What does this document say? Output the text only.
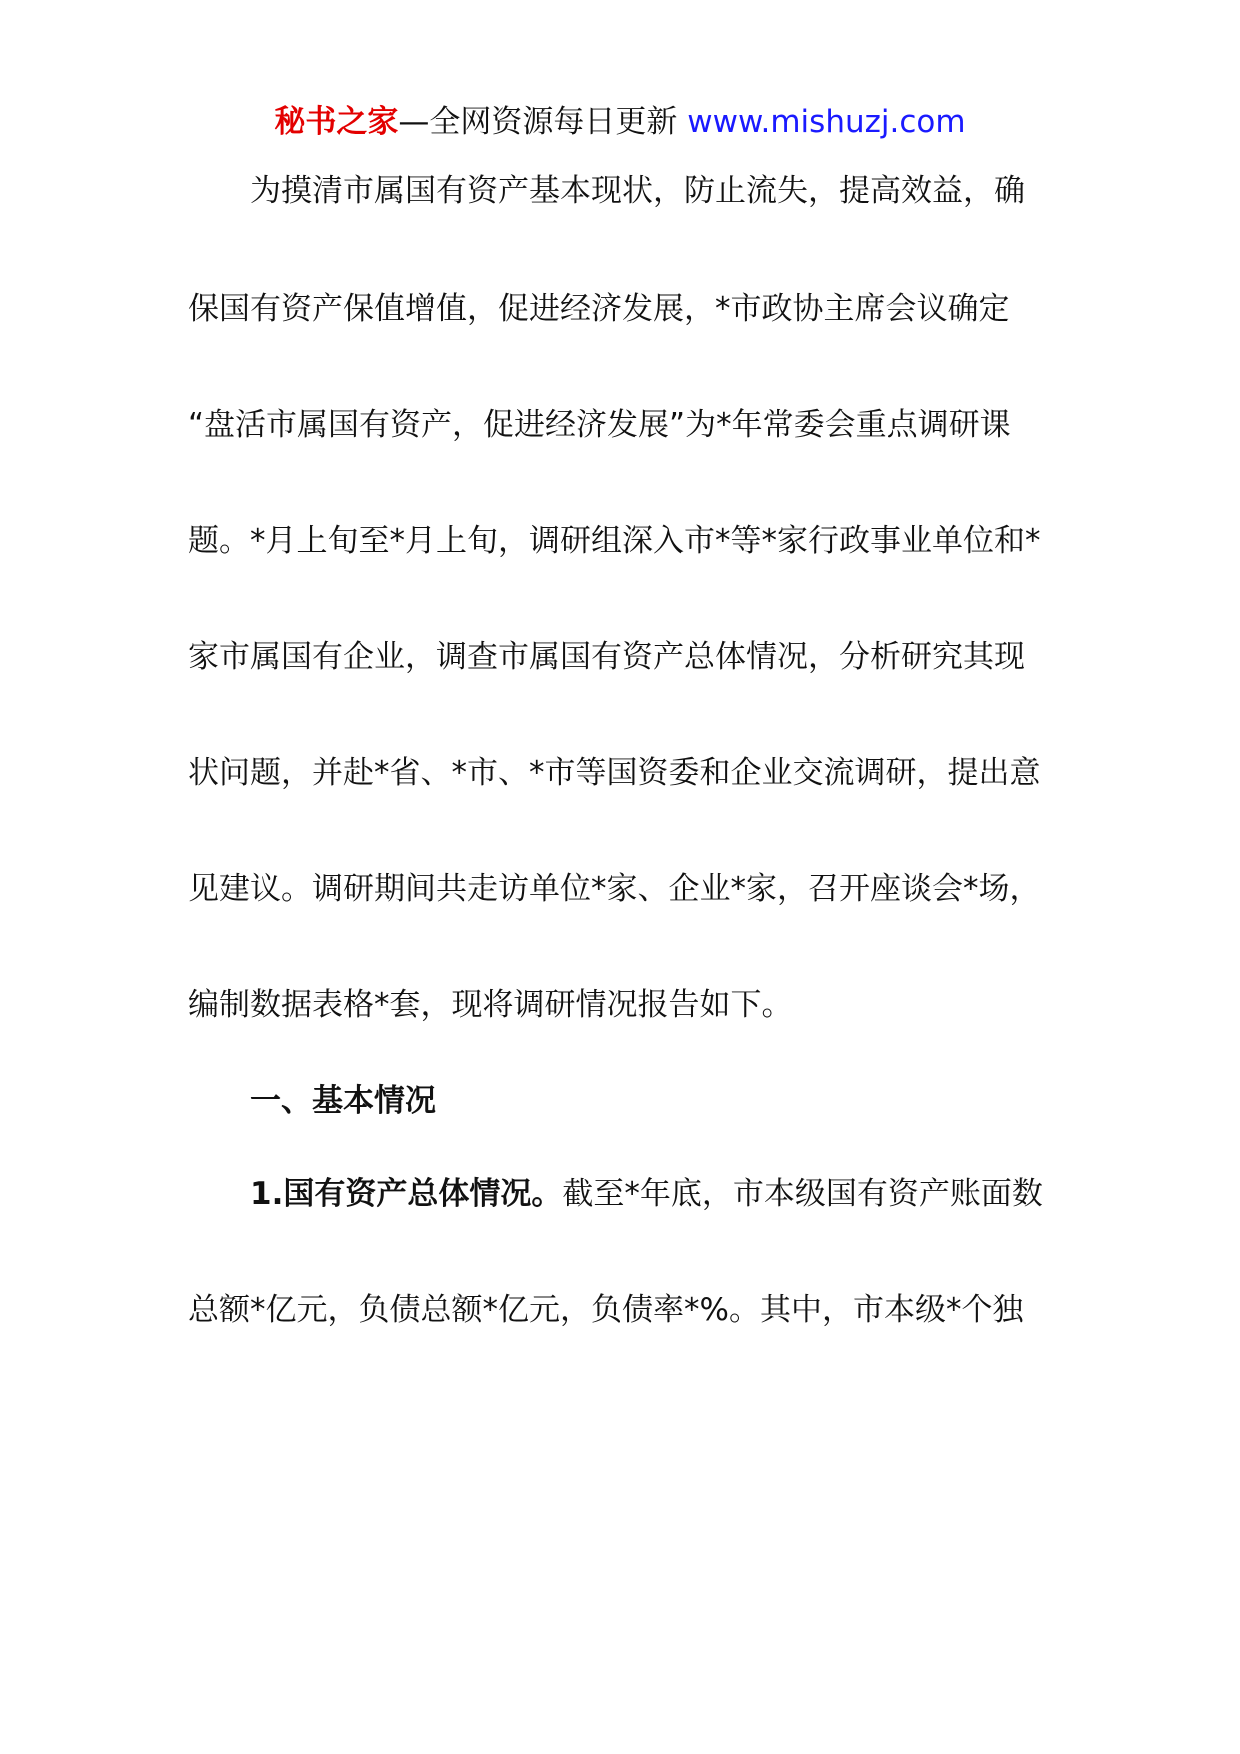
秘书之家—全网资源每日更新 www.mishuzj.com
为摸清市属国有资产基本现状，防止流失，提高效益，确
保国有资产保值增值，促进经济发展，*市政协主席会议确定
“盘活市属国有资产，促进经济发展”为*年常委会重点调研课
题。*月上旬至*月上旬，调研组深入市*等*家行政事业单位和*
家市属国有企业，调查市属国有资产总体情况，分析研究其现
状问题，并赴*省、*市、*市等国资委和企业交流调研，提出意
见建议。调研期间共走访单位*家、企业*家，召开座谈会*场，
编制数据表格*套，现将调研情况报告如下。
一、基本情况
1.国有资产总体情况。截至*年底，市本级国有资产账面数
总额*亿元，负债总额*亿元，负债率*%。其中，市本级*个独
